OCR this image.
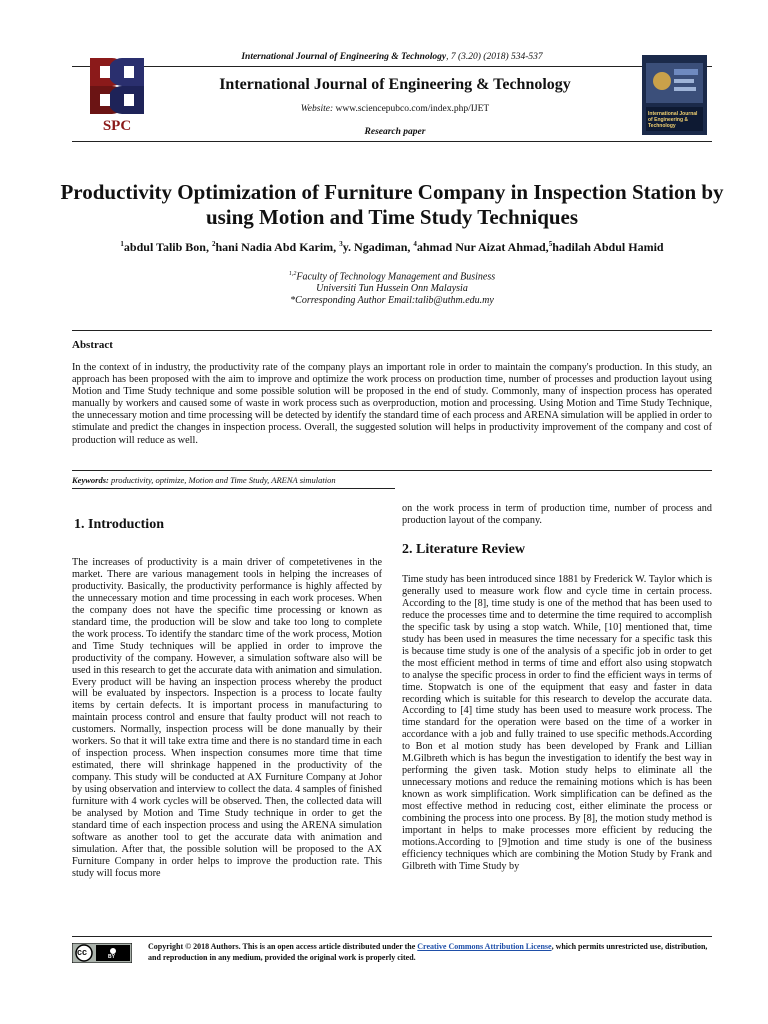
International Journal of Engineering & Technology, 7 (3.20) (2018) 534-537
SPC
International Journal of Engineering & Technology
Website: www.sciencepubco.com/index.php/IJET
Research paper
International Journal of Engineering & Technology
Productivity Optimization of Furniture Company in Inspection Station by using Motion and Time Study Techniques
$^1$abdul Talib Bon, $^2$hani Nadia Abd Karim, $^3$y. Ngadiman, $^4$ahmad Nur Aizat Ahmad,$^5$hadilah Abdul Hamid
$^{1,2}$Faculty of Technology Management and Business
Universiti Tun Hussein Onn Malaysia
*Corresponding Author Email:talib@uthm.edu.my
Abstract
In the context of in industry, the productivity rate of the company plays an important role in order to maintain the company's production. In this study, an approach has been proposed with the aim to improve and optimize the work process on production time, number of processes and production layout using Motion and Time Study technique and some possible solution will be proposed in the end of study. Commonly, many of inspection process has operated manually by workers and caused some of waste in work process such as overproduction, motion and processing. Using Motion and Time Study Technique, the unnecessary motion and time processing will be detected by identify the standard time of each process and ARENA simulation will be applied in order to stimulate and predict the changes in inspection process. Overall, the suggested solution will helps in productivity improvement of the company and cost of production will reduce as well.
Keywords: productivity, optimize, Motion and Time Study, ARENA simulation
1. Introduction
The increases of productivity is a main driver of competetivenes in the market. There are various management tools in helping the increases of productivity. Basically, the productivity performance is highly affected by the unnecessary motion and time processing in each work proceses. When the company does not have the specific time processing or known as standard time, the production will be slow and take too long to complete the work process. To identify the standarc time of the work process, Motion and Time Study techniques will be applied in order to improve the productivity of the company. However, a simulation software also will be used in this research to get the accurate data with animation and simulation. Every product will be having an inspection process whereby the product will be evaluated by inspectors. Inspection is a process to locate faulty items by certain defects. It is important process in manufacturing to maintain process control and ensure that faulty product will not reach to customers. Normally, inspection process will be done manually by their workers. So that it will take extra time and there is no standard time in each of inspection process. When inspection consumes more time that time estimated, there will shrinkage happened in the productivity of the company. This study will be conducted at AX Furniture Company at Johor by using observation and interview to collect the data. 4 samples of finished furniture with 4 work cycles will be observed. Then, the collected data will be analysed by Motion and Time Study technique in order to get the standard time of each inspection process and using the ARENA simulation software as another tool to get the accurate data with animation and simulation. After that, the possible solution will be proposed to the AX Furniture Company in order helps to improve the production rate. This study will focus more
on the work process in term of production time, number of process and production layout of the company.
2. Literature Review
Time study has been introduced since 1881 by Frederick W. Taylor which is generally used to measure work flow and cycle time in certain process. According to the [8], time study is one of the method that has been used to reduce the processes time and to determine the time required to accomplish the specific task by using a stop watch. While, [10] mentioned that, time study has been used in measures the time necessary for a specific task this is because time study is one of the analysis of a specific job in order to get the most efficient method in terms of time and effort also using stopwatch to analyse the specific process in order to find the efficient ways in terms of time. Stopwatch is one of the equipment that easy and faster in data recording which is suitable for this research to develop the accurate data. According to [4] time study has been used to measure work process. The time standard for the operation were based on the time of a worker in accordance with a job and fully trained to use specific methods.According to Bon et al motion study has been developed by Frank and Lillian M.Gilbreth which is has begun the investigation to identify the best way in performing the given task. Motion study helps to eliminate all the unnecessary motions and reduce the remaining motions which is has been known as work simplification. Work simplification can be defined as the most effective method in reducing cost, either eliminate the process or combining the process into one process. By [8], the motion study method is important in helps to make processes more efficient by reducing the motions.According to [9]motion and time study is one of the business efficiency techniques which are combining the Motion Study by Frank and Gilbreth with Time Study by
cc	BY
Copyright © 2018 Authors. This is an open access article distributed under the Creative Commons Attribution License, which permits unrestricted use, distribution, and reproduction in any medium, provided the original work is properly cited.
